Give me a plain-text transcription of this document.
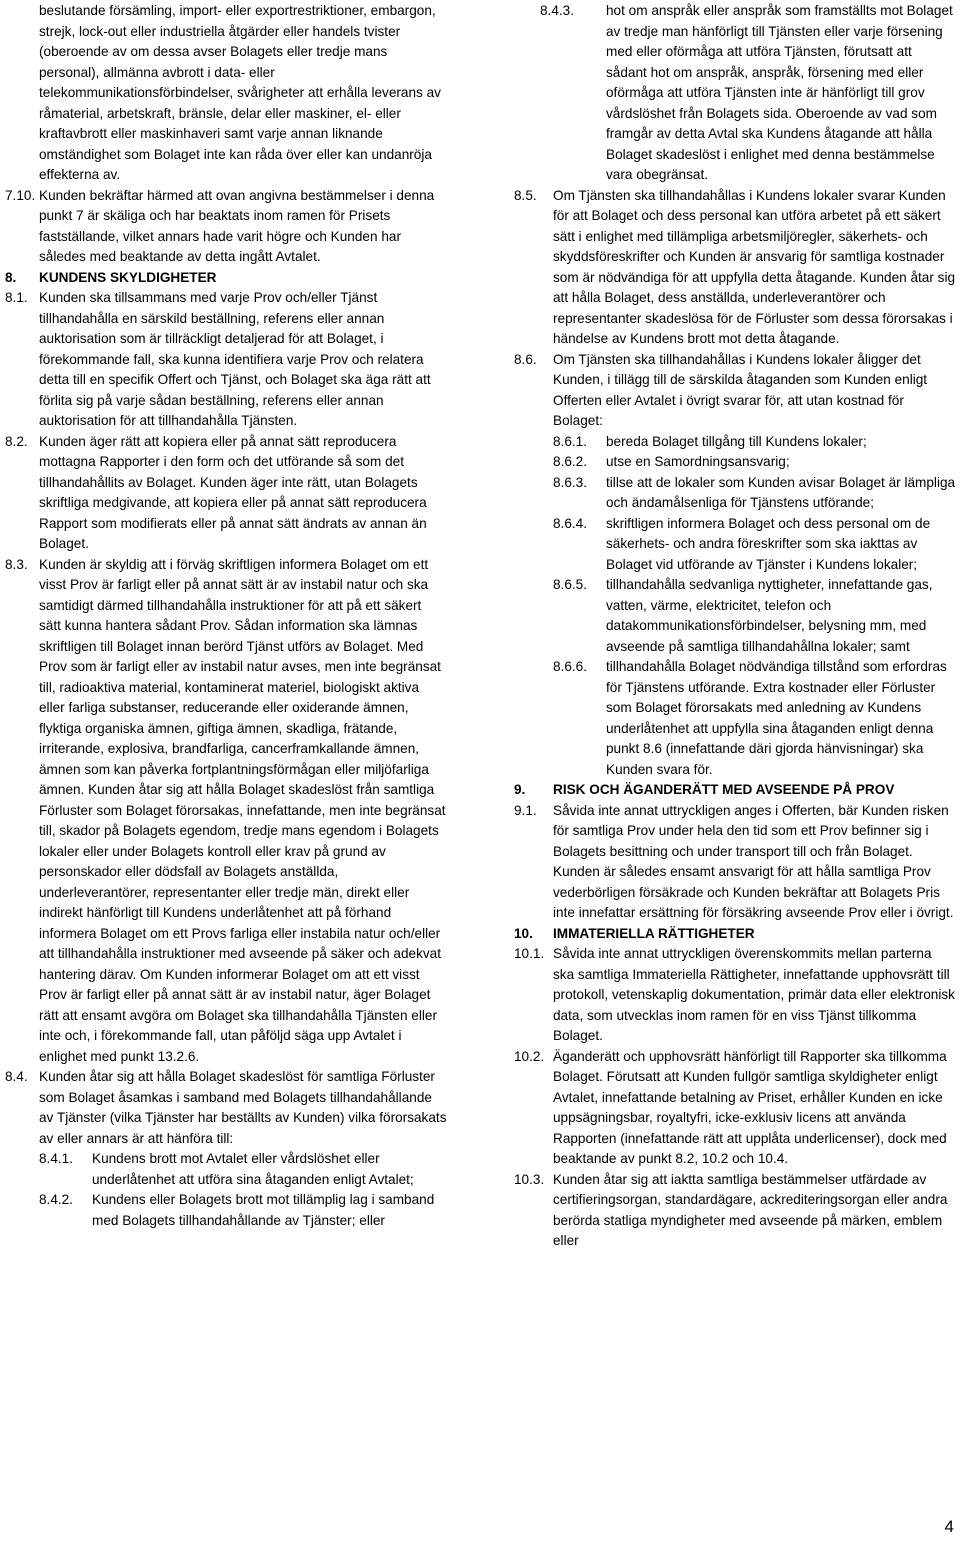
beslutande försämling, import- eller exportrestriktioner, embargon, strejk, lock-out eller industriella åtgärder eller handels tvister (oberoende av om dessa avser Bolagets eller tredje mans personal), allmänna avbrott i data- eller telekommunikationsförbindelser, svårigheter att erhålla leverans av råmaterial, arbetskraft, bränsle, delar eller maskiner, el- eller kraftavbrott eller maskinhaveri samt varje annan liknande omständighet som Bolaget inte kan råda över eller kan undanröja effekterna av.
7.10. Kunden bekräftar härmed att ovan angivna bestämmelser i denna punkt 7 är skäliga och har beaktats inom ramen för Prisets fastställande, vilket annars hade varit högre och Kunden har således med beaktande av detta ingått Avtalet.
8. KUNDENS SKYLDIGHETER
8.1. Kunden ska tillsammans med varje Prov och/eller Tjänst tillhandahålla en särskild beställning, referens eller annan auktorisation som är tillräckligt detaljerad för att Bolaget, i förekommande fall, ska kunna identifiera varje Prov och relatera detta till en specifik Offert och Tjänst, och Bolaget ska äga rätt att förlita sig på varje sådan beställning, referens eller annan auktorisation för att tillhandahålla Tjänsten.
8.2. Kunden äger rätt att kopiera eller på annat sätt reproducera mottagna Rapporter i den form och det utförande så som det tillhandahållits av Bolaget. Kunden äger inte rätt, utan Bolagets skriftliga medgivande, att kopiera eller på annat sätt reproducera Rapport som modifierats eller på annat sätt ändrats av annan än Bolaget.
8.3. Kunden är skyldig att i förväg skriftligen informera Bolaget om ett visst Prov är farligt eller på annat sätt är av instabil natur och ska samtidigt därmed tillhandahålla instruktioner för att på ett säkert sätt kunna hantera sådant Prov. Sådan information ska lämnas skriftligen till Bolaget innan berörd Tjänst utförs av Bolaget. Med Prov som är farligt eller av instabil natur avses, men inte begränsat till, radioaktiva material, kontaminerat materiel, biologiskt aktiva eller farliga substanser, reducerande eller oxiderande ämnen, flyktiga organiska ämnen, giftiga ämnen, skadliga, frätande, irriterande, explosiva, brandfarliga, cancerframkallande ämnen, ämnen som kan påverka fortplantningsförmågan eller miljöfarliga ämnen. Kunden åtar sig att hålla Bolaget skadeslöst från samtliga Förluster som Bolaget förorsakas, innefattande, men inte begränsat till, skador på Bolagets egendom, tredje mans egendom i Bolagets lokaler eller under Bolagets kontroll eller krav på grund av personskador eller dödsfall av Bolagets anställda, underleverantörer, representanter eller tredje män, direkt eller indirekt hänförligt till Kundens underlåtenhet att på förhand informera Bolaget om ett Provs farliga eller instabila natur och/eller att tillhandahålla instruktioner med avseende på säker och adekvat hantering därav. Om Kunden informerar Bolaget om att ett visst Prov är farligt eller på annat sätt är av instabil natur, äger Bolaget rätt att ensamt avgöra om Bolaget ska tillhandahålla Tjänsten eller inte och, i förekommande fall, utan påföljd säga upp Avtalet i enlighet med punkt 13.2.6.
8.4. Kunden åtar sig att hålla Bolaget skadeslöst för samtliga Förluster som Bolaget åsamkas i samband med Bolagets tillhandahållande av Tjänster (vilka Tjänster har beställts av Kunden) vilka förorsakats av eller annars är att hänföra till:
8.4.1. Kundens brott mot Avtalet eller vårdslöshet eller underlåtenhet att utföra sina åtaganden enligt Avtalet;
8.4.2. Kundens eller Bolagets brott mot tillämplig lag i samband med Bolagets tillhandahållande av Tjänster; eller
8.4.3. hot om anspråk eller anspråk som framställts mot Bolaget av tredje man hänförligt till Tjänsten eller varje försening med eller oförmåga att utföra Tjänsten, förutsatt att sådant hot om anspråk, anspråk, försening med eller oförmåga att utföra Tjänsten inte är hänförligt till grov vårdslöshet från Bolagets sida. Oberoende av vad som framgår av detta Avtal ska Kundens åtagande att hålla Bolaget skadeslöst i enlighet med denna bestämmelse vara obegränsat.
8.5. Om Tjänsten ska tillhandahållas i Kundens lokaler svarar Kunden för att Bolaget och dess personal kan utföra arbetet på ett säkert sätt i enlighet med tillämpliga arbetsmiljöregler, säkerhets- och skyddsföreskrifter och Kunden är ansvarig för samtliga kostnader som är nödvändiga för att uppfylla detta åtagande. Kunden åtar sig att hålla Bolaget, dess anställda, underleverantörer och representanter skadeslösa för de Förluster som dessa förorsakas i händelse av Kundens brott mot detta åtagande.
8.6. Om Tjänsten ska tillhandahållas i Kundens lokaler åligger det Kunden, i tillägg till de särskilda åtaganden som Kunden enligt Offerten eller Avtalet i övrigt svarar för, att utan kostnad för Bolaget:
8.6.1. bereda Bolaget tillgång till Kundens lokaler;
8.6.2. utse en Samordningsansvarig;
8.6.3. tillse att de lokaler som Kunden avisar Bolaget är lämpliga och ändamålsenliga för Tjänstens utförande;
8.6.4. skriftligen informera Bolaget och dess personal om de säkerhets- och andra föreskrifter som ska iakttas av Bolaget vid utförande av Tjänster i Kundens lokaler;
8.6.5. tillhandahålla sedvanliga nyttigheter, innefattande gas, vatten, värme, elektricitet, telefon och datakommunikationsförbindelser, belysning mm, med avseende på samtliga tillhandahållna lokaler; samt
8.6.6. tillhandahålla Bolaget nödvändiga tillstånd som erfordras för Tjänstens utförande. Extra kostnader eller Förluster som Bolaget förorsakats med anledning av Kundens underlåtenhet att uppfylla sina åtaganden enligt denna punkt 8.6 (innefattande däri gjorda hänvisningar) ska Kunden svara för.
9. RISK OCH ÄGANDERÄTT MED AVSEENDE PÅ PROV
9.1. Såvida inte annat uttryckligen anges i Offerten, bär Kunden risken för samtliga Prov under hela den tid som ett Prov befinner sig i Bolagets besittning och under transport till och från Bolaget. Kunden är således ensamt ansvarigt för att hålla samtliga Prov vederbörligen försäkrade och Kunden bekräftar att Bolagets Pris inte innefattar ersättning för försäkring avseende Prov eller i övrigt.
10. IMMATERIELLA RÄTTIGHETER
10.1. Såvida inte annat uttryckligen överenskommits mellan parterna ska samtliga Immateriella Rättigheter, innefattande upphovsrätt till protokoll, vetenskaplig dokumentation, primär data eller elektronisk data, som utvecklas inom ramen för en viss Tjänst tillkomma Bolaget.
10.2. Äganderätt och upphovsrätt hänförligt till Rapporter ska tillkomma Bolaget. Förutsatt att Kunden fullgör samtliga skyldigheter enligt Avtalet, innefattande betalning av Priset, erhåller Kunden en icke uppsägningsbar, royaltyfri, icke-exklusiv licens att använda Rapporten (innefattande rätt att upplåta underlicenser), dock med beaktande av punkt 8.2, 10.2 och 10.4.
10.3. Kunden åtar sig att iaktta samtliga bestämmelser utfärdade av certifieringsorgan, standardägare, ackrediteringsorgan eller andra berörda statliga myndigheter med avseende på märken, emblem eller
4
